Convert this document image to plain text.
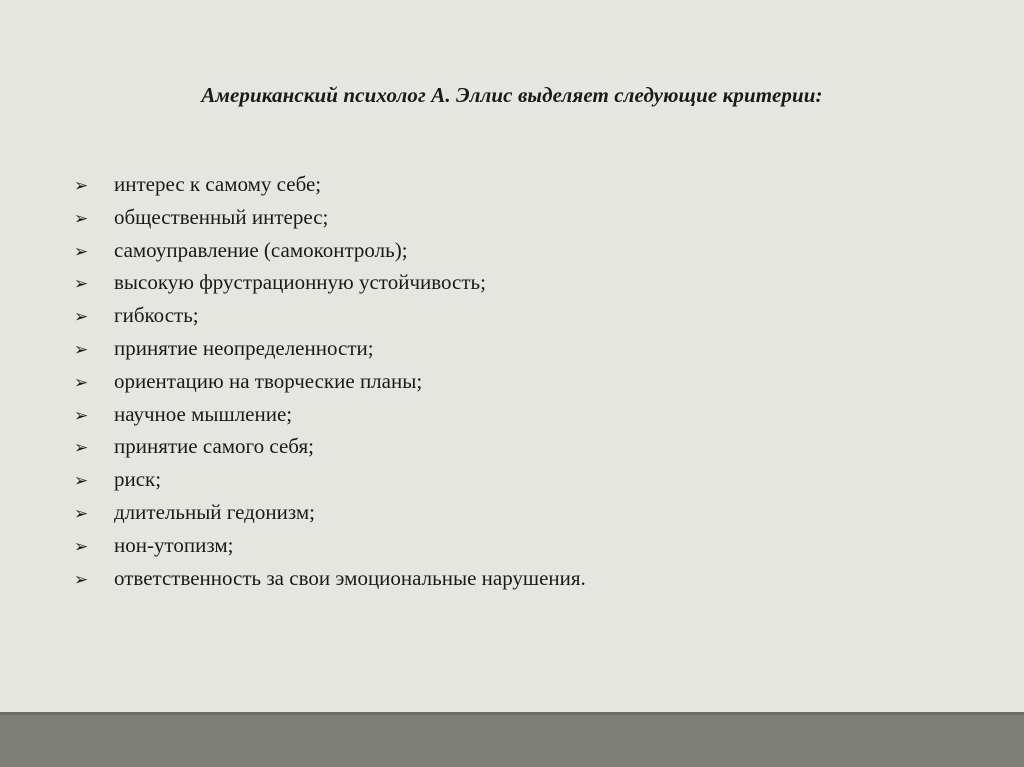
Американский психолог А. Эллис выделяет следующие критерии:
➢	интерес к самому себе;
➢	общественный интерес;
➢	самоуправление (самоконтроль);
➢	высокую фрустрационную устойчивость;
➢	гибкость;
➢	принятие неопределенности;
➢	ориентацию на творческие планы;
➢	научное мышление;
➢	принятие самого себя;
➢	риск;
➢	длительный гедонизм;
➢	нон-утопизм;
➢	ответственность за свои эмоциональные нарушения.
